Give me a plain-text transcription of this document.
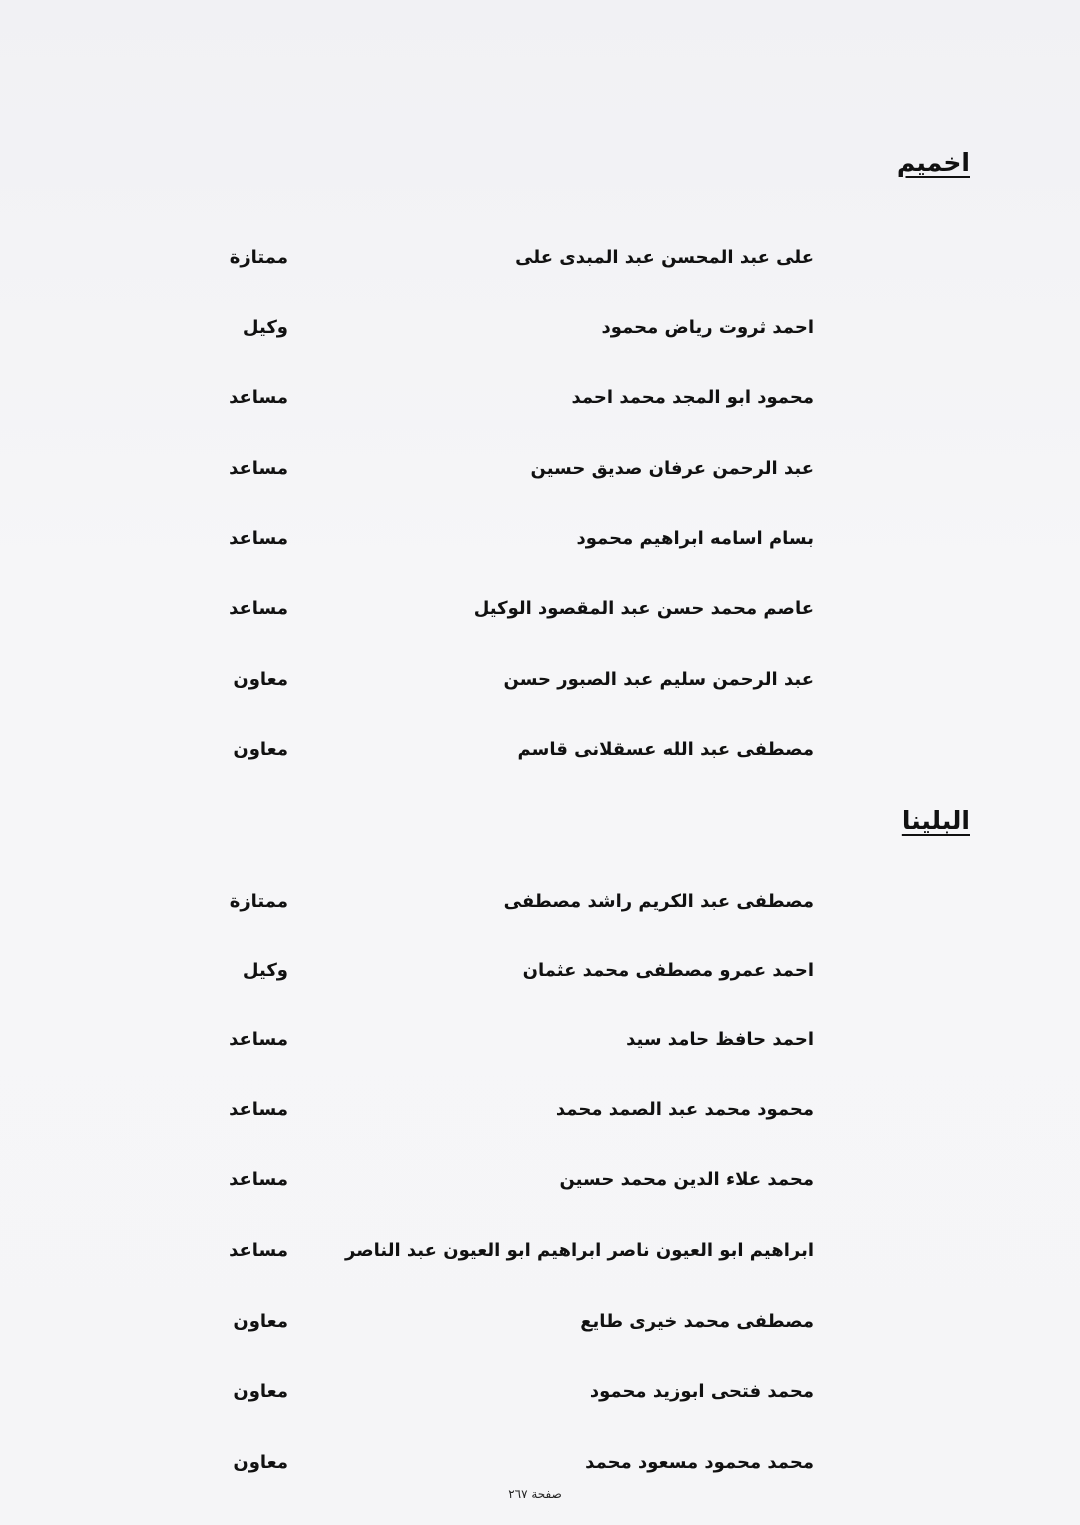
اخميم
على عبد المحسن عبد المبدى على
ممتازة
احمد ثروت رياض محمود
وكيل
محمود ابو المجد محمد احمد
مساعد
عبد الرحمن عرفان صديق حسين
مساعد
بسام اسامه ابراهيم محمود
مساعد
عاصم محمد حسن عبد المقصود الوكيل
مساعد
عبد الرحمن سليم عبد الصبور حسن
معاون
مصطفى عبد الله عسقلانى قاسم
معاون
البلينا
مصطفى عبد الكريم راشد مصطفى
ممتازة
احمد عمرو مصطفى محمد عثمان
وكيل
احمد حافظ حامد سيد
مساعد
محمود محمد عبد الصمد محمد
مساعد
محمد علاء الدين محمد حسين
مساعد
ابراهيم ابو العيون ناصر ابراهيم ابو العيون عبد الناصر
مساعد
مصطفى محمد خيرى طايع
معاون
محمد فتحى ابوزيد محمود
معاون
محمد محمود مسعود محمد
معاون
صفحة ٢٦٧
